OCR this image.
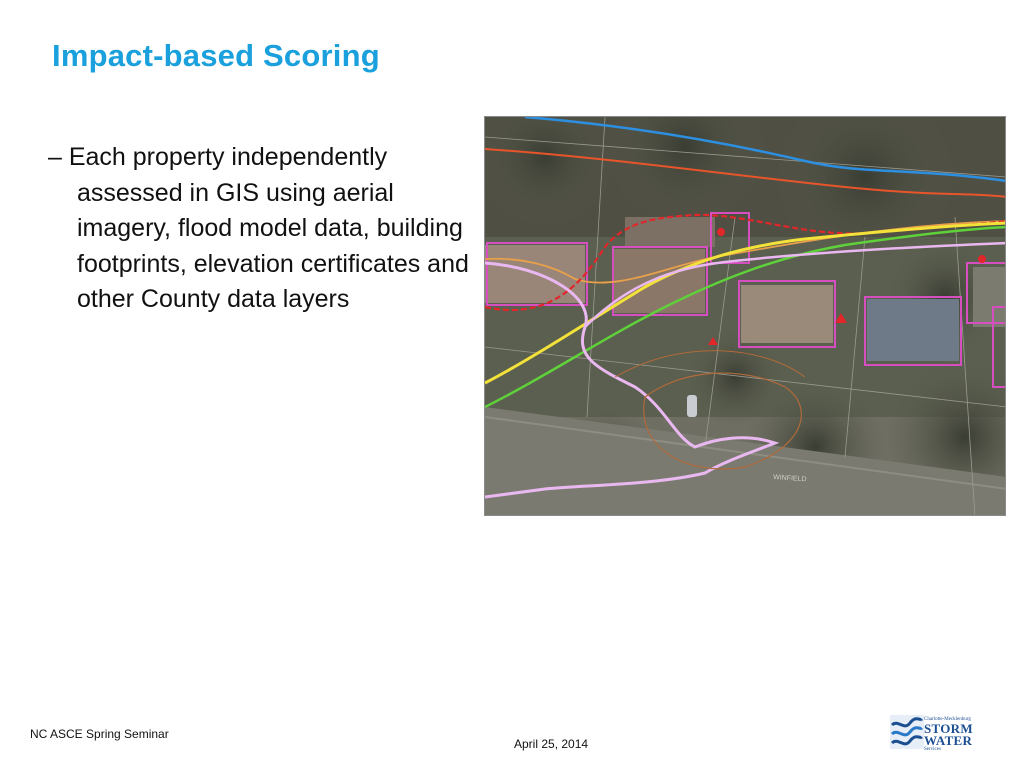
Impact-based Scoring
– Each property independently assessed in GIS using aerial imagery, flood model data, building footprints, elevation certificates and other County data layers
WINFIELD
NC ASCE Spring Seminar
April 25, 2014
Charlotte-Mecklenburg
STORM
WATER
Services
